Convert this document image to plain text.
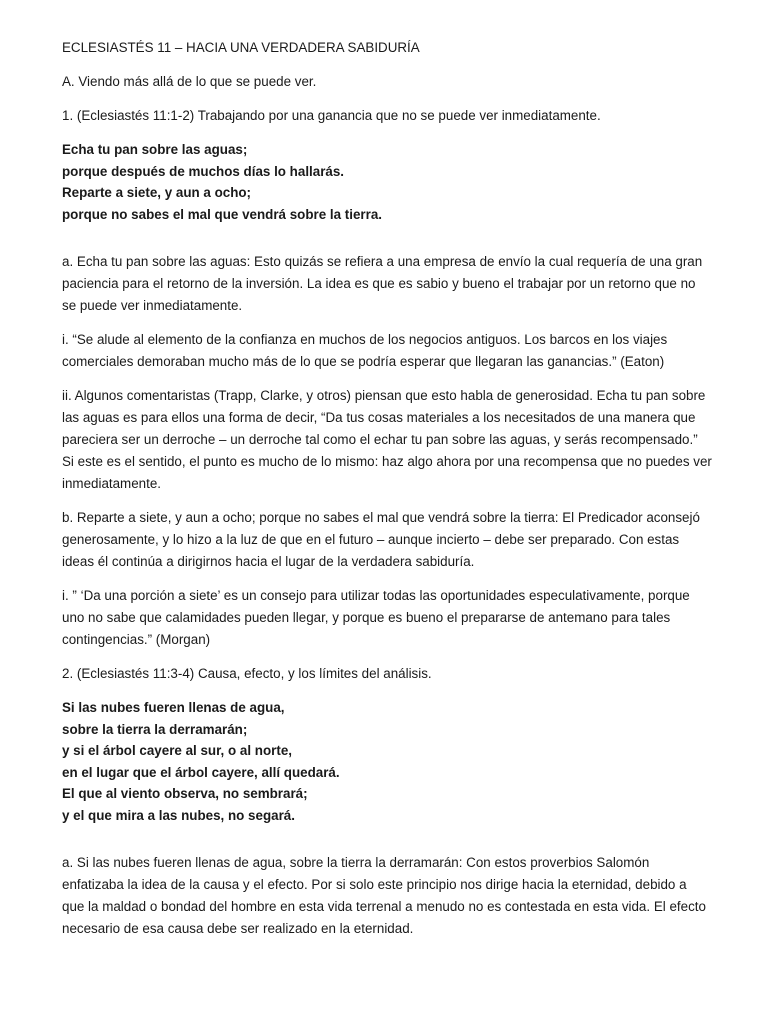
ECLESIASTÉS 11 – HACIA UNA VERDADERA SABIDURÍA

A. Viendo más allá de lo que se puede ver.

1. (Eclesiastés 11:1-2) Trabajando por una ganancia que no se puede ver inmediatamente.

Echa tu pan sobre las aguas;
porque después de muchos días lo hallarás.
Reparte a siete, y aun a ocho;
porque no sabes el mal que vendrá sobre la tierra.

a. Echa tu pan sobre las aguas: Esto quizás se refiera a una empresa de envío la cual requería de una gran paciencia para el retorno de la inversión. La idea es que es sabio y bueno el trabajar por un retorno que no se puede ver inmediatamente.

i. “Se alude al elemento de la confianza en muchos de los negocios antiguos. Los barcos en los viajes comerciales demoraban mucho más de lo que se podría esperar que llegaran las ganancias.” (Eaton)

ii. Algunos comentaristas (Trapp, Clarke, y otros) piensan que esto habla de generosidad. Echa tu pan sobre las aguas es para ellos una forma de decir, “Da tus cosas materiales a los necesitados de una manera que pareciera ser un derroche – un derroche tal como el echar tu pan sobre las aguas, y serás recompensado.” Si este es el sentido, el punto es mucho de lo mismo: haz algo ahora por una recompensa que no puedes ver inmediatamente.

b. Reparte a siete, y aun a ocho; porque no sabes el mal que vendrá sobre la tierra: El Predicador aconsejó generosamente, y lo hizo a la luz de que en el futuro – aunque incierto – debe ser preparado. Con estas ideas él continúa a dirigirnos hacia el lugar de la verdadera sabiduría.

i. ” ‘Da una porción a siete’ es un consejo para utilizar todas las oportunidades especulativamente, porque uno no sabe que calamidades pueden llegar, y porque es bueno el prepararse de antemano para tales contingencias.” (Morgan)

2. (Eclesiastés 11:3-4) Causa, efecto, y los límites del análisis.

Si las nubes fueren llenas de agua,
sobre la tierra la derramarán;
y si el árbol cayere al sur, o al norte,
en el lugar que el árbol cayere, allí quedará.
El que al viento observa, no sembrará;
y el que mira a las nubes, no segará.

a. Si las nubes fueren llenas de agua, sobre la tierra la derramarán: Con estos proverbios Salomón enfatizaba la idea de la causa y el efecto. Por si solo este principio nos dirige hacia la eternidad, debido a que la maldad o bondad del hombre en esta vida terrenal a menudo no es contestada en esta vida. El efecto necesario de esa causa debe ser realizado en la eternidad.
